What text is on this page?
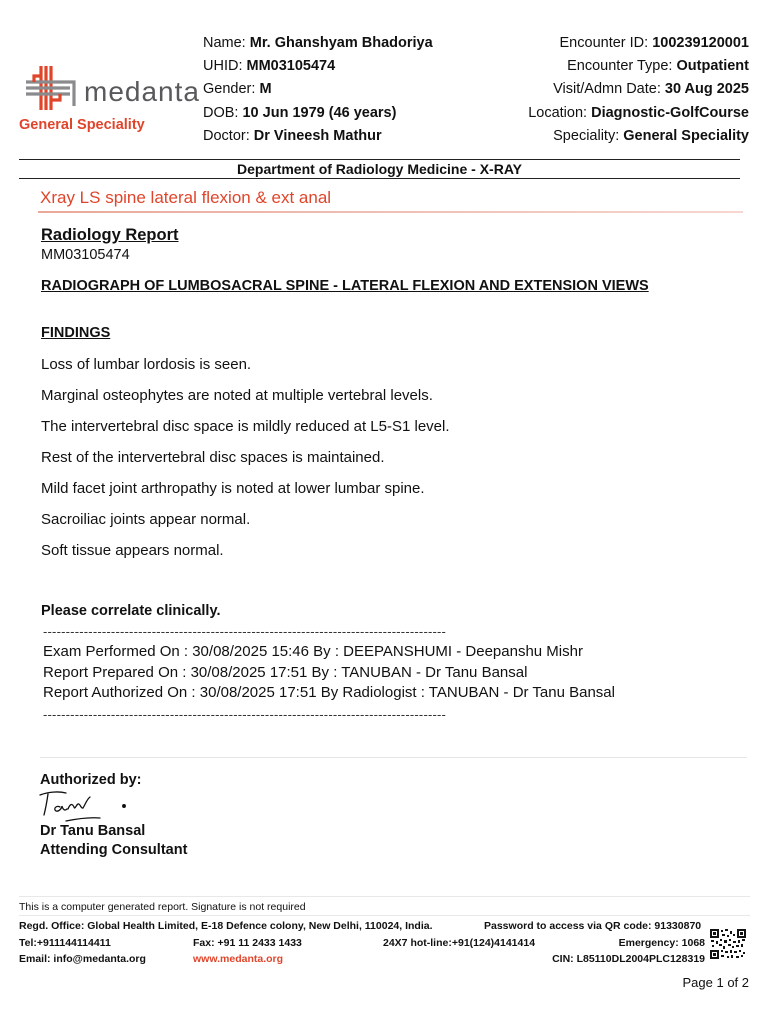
medanta
General Speciality
Name: Mr. Ghanshyam Bhadoriya
UHID: MM03105474
Gender: M
DOB: 10 Jun 1979 (46 years)
Doctor: Dr Vineesh Mathur
Encounter ID: 100239120001
Encounter Type: Outpatient
Visit/Admn Date: 30 Aug 2025
Location: Diagnostic-GolfCourse
Speciality: General Speciality
Department of Radiology Medicine - X-RAY
Xray LS spine lateral flexion & ext anal
Radiology Report
MM03105474
RADIOGRAPH OF LUMBOSACRAL SPINE - LATERAL FLEXION AND EXTENSION VIEWS
FINDINGS
Loss of lumbar lordosis is seen.
Marginal osteophytes are noted at multiple vertebral levels.
The intervertebral disc space is mildly reduced at L5-S1 level.
Rest of the intervertebral disc spaces is maintained.
Mild facet joint arthropathy is noted at lower lumbar spine.
Sacroiliac joints appear normal.
Soft tissue appears normal.
Please correlate clinically.
-----------------------------------------------------------------------------------------
Exam Performed On : 30/08/2025 15:46 By : DEEPANSHUMI - Deepanshu Mishr
Report Prepared On : 30/08/2025 17:51 By : TANUBAN - Dr Tanu Bansal
Report Authorized On : 30/08/2025 17:51 By Radiologist : TANUBAN - Dr Tanu Bansal
-----------------------------------------------------------------------------------------
Authorized by:
Dr Tanu Bansal
Attending Consultant
This is a computer generated report. Signature is not required
Regd. Office: Global Health Limited, E-18 Defence colony, New Delhi, 110024, India.	Password to access via QR code: 91330870
Tel:+911144114411	Fax: +91 11 2433 1433	24X7 hot-line:+91(124)4141414	Emergency: 1068
Email: info@medanta.org	www.medanta.org	CIN: L85110DL2004PLC128319
Page 1 of 2
